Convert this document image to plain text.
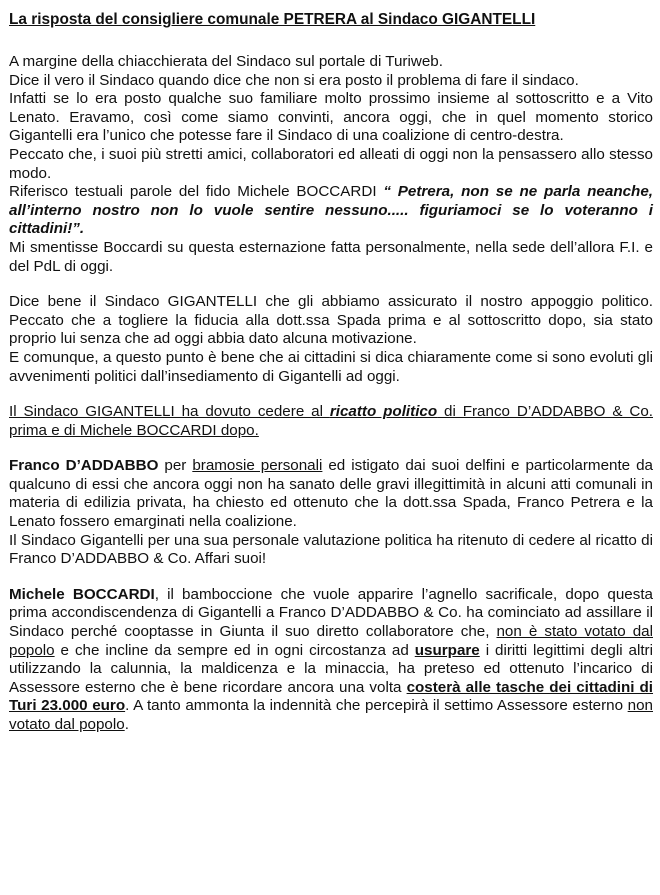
La risposta del consigliere comunale PETRERA al Sindaco GIGANTELLI

A margine della chiacchierata del Sindaco sul portale di Turiweb.

Dice il vero il Sindaco quando dice che non si era posto il problema di fare il sindaco.

Infatti se lo era posto qualche suo familiare molto prossimo insieme al sottoscritto e a Vito Lenato. Eravamo, così come siamo convinti, ancora oggi, che in quel momento storico Gigantelli era l’unico che potesse fare il Sindaco di una coalizione di centro-destra.

Peccato che, i suoi più stretti amici, collaboratori ed alleati di oggi non la pensassero allo stesso modo.

Riferisco testuali parole del fido Michele BOCCARDI “ Petrera, non se ne parla neanche, all’interno nostro non lo vuole sentire nessuno..... figuriamoci se lo voteranno i cittadini!”.

Mi smentisse Boccardi su questa esternazione fatta personalmente, nella sede dell’allora F.I. e del PdL di oggi.

Dice bene il Sindaco GIGANTELLI che gli abbiamo assicurato il nostro appoggio politico. Peccato che a togliere la fiducia alla dott.ssa Spada prima e al sottoscritto dopo, sia stato proprio lui senza che ad oggi abbia dato alcuna motivazione.

E comunque, a questo punto è bene che ai cittadini si dica chiaramente come si sono evoluti gli avvenimenti politici dall’insediamento di Gigantelli ad oggi.

Il Sindaco GIGANTELLI ha dovuto cedere al ricatto politico di Franco D’ADDABBO & Co. prima e di Michele BOCCARDI dopo.

Franco D’ADDABBO per bramosie personali ed istigato dai suoi delfini e particolarmente da qualcuno di essi che ancora oggi non ha sanato delle gravi illegittimità in alcuni atti comunali in materia di edilizia privata, ha chiesto ed ottenuto che la dott.ssa Spada, Franco Petrera e la Lenato fossero emarginati nella coalizione.

Il Sindaco Gigantelli per una sua personale valutazione politica ha ritenuto di cedere al ricatto di Franco D’ADDABBO & Co. Affari suoi!

Michele BOCCARDI, il bamboccione che vuole apparire l’agnello sacrificale, dopo questa prima accondiscendenza di Gigantelli a Franco D’ADDABBO & Co. ha cominciato ad assillare il Sindaco perché cooptasse in Giunta il suo diretto collaboratore che, non è stato votato dal popolo e che incline da sempre ed in ogni circostanza ad usurpare i diritti legittimi degli altri utilizzando la calunnia, la maldicenza e la minaccia, ha preteso ed ottenuto l’incarico di Assessore esterno che è bene ricordare ancora una volta costerà alle tasche dei cittadini di Turi 23.000 euro. A tanto ammonta la indennità che percepirà il settimo Assessore esterno non votato dal popolo.
